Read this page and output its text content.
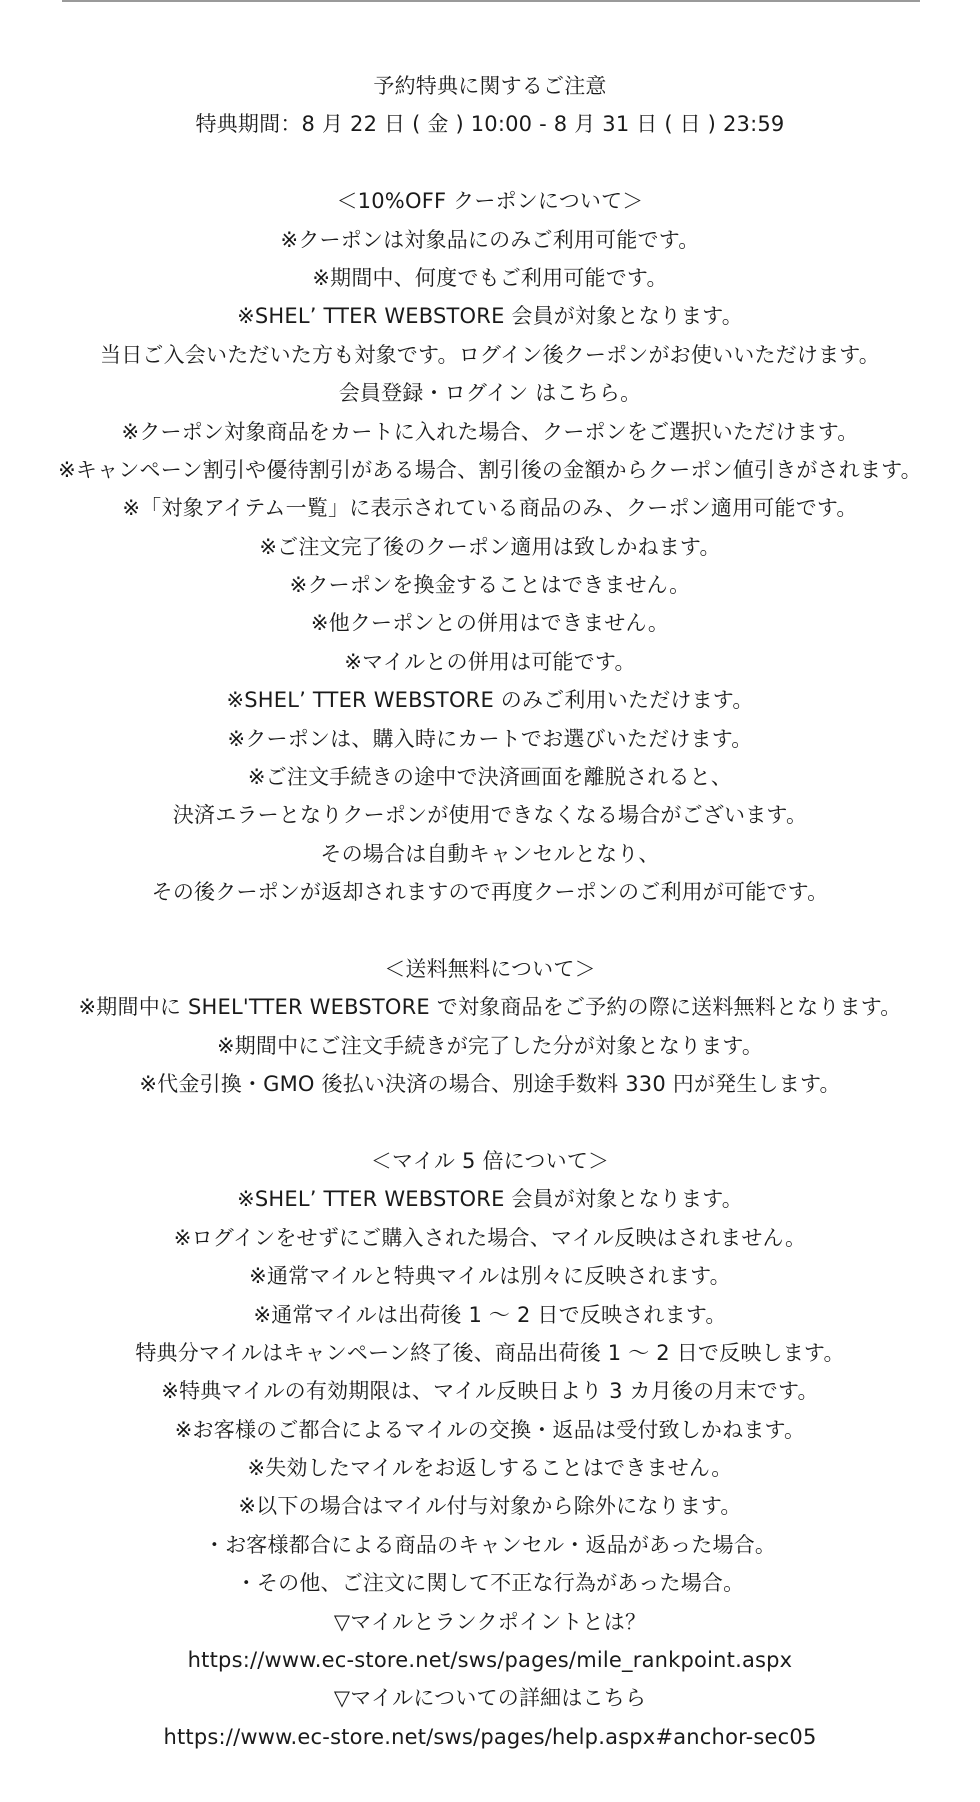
予約特典に関するご注意
特典期間：8 月 22 日 ( 金 ) 10:00 - 8 月 31 日 ( 日 ) 23:59
＜10%OFF クーポンについて＞
※クーポンは対象品にのみご利用可能です。
※期間中、何度でもご利用可能です。
※SHEL’ TTER WEBSTORE 会員が対象となります。
当日ご入会いただいた方も対象です。ログイン後クーポンがお使いいただけます。
会員登録・ログイン はこちら。
※クーポン対象商品をカートに入れた場合、クーポンをご選択いただけます。
※キャンペーン割引や優待割引がある場合、割引後の金額からクーポン値引きがされます。
※「対象アイテム一覧」に表示されている商品のみ、クーポン適用可能です。
※ご注文完了後のクーポン適用は致しかねます。
※クーポンを換金することはできません。
※他クーポンとの併用はできません。
※マイルとの併用は可能です。
※SHEL’ TTER WEBSTORE のみご利用いただけます。
※クーポンは、購入時にカートでお選びいただけます。
※ご注文手続きの途中で決済画面を離脱されると、
決済エラーとなりクーポンが使用できなくなる場合がございます。
その場合は自動キャンセルとなり、
その後クーポンが返却されますので再度クーポンのご利用が可能です。
＜送料無料について＞
※期間中に SHEL'TTER WEBSTORE で対象商品をご予約の際に送料無料となります。
※期間中にご注文手続きが完了した分が対象となります。
※代金引換・GMO 後払い決済の場合、別途手数料 330 円が発生します。
＜マイル 5 倍について＞
※SHEL’ TTER WEBSTORE 会員が対象となります。
※ログインをせずにご購入された場合、マイル反映はされません。
※通常マイルと特典マイルは別々に反映されます。
※通常マイルは出荷後 1 〜 2 日で反映されます。
特典分マイルはキャンペーン終了後、商品出荷後 1 〜 2 日で反映します。
※特典マイルの有効期限は、マイル反映日より 3 カ月後の月末です。
※お客様のご都合によるマイルの交換・返品は受付致しかねます。
※失効したマイルをお返しすることはできません。
※以下の場合はマイル付与対象から除外になります。
・お客様都合による商品のキャンセル・返品があった場合。
・その他、ご注文に関して不正な行為があった場合。
▽マイルとランクポイントとは？
https://www.ec-store.net/sws/pages/mile_rankpoint.aspx
▽マイルについての詳細はこちら
https://www.ec-store.net/sws/pages/help.aspx#anchor-sec05
